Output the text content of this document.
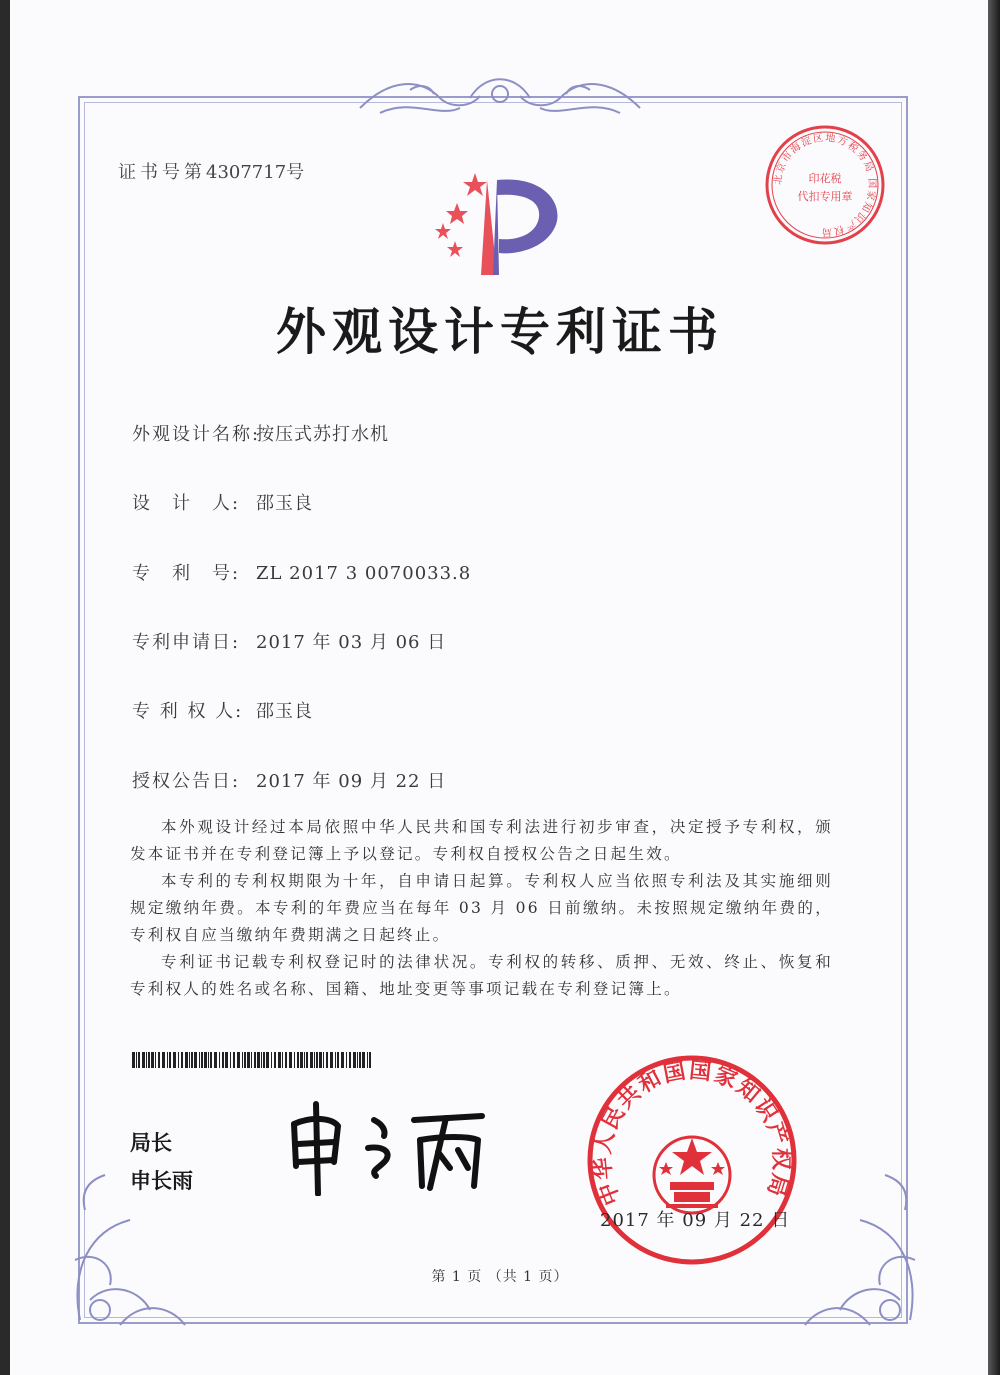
证书号第4307717号	北京市海淀区地方税务局 国家知识产权局
印花税
代扣专用章
外观设计专利证书
外观设计名称:按压式苏打水机
设　计　人: 邵玉良
专　利　号: ZL 2017 3 0070033.8
专利申请日: 2017 年 03 月 06 日
专 利 权 人: 邵玉良
授权公告日: 2017 年 09 月 22 日

本外观设计经过本局依照中华人民共和国专利法进行初步审查，决定授予专利权，颁发本证书并在专利登记簿上予以登记。专利权自授权公告之日起生效。

本专利的专利权期限为十年，自申请日起算。专利权人应当依照专利法及其实施细则规定缴纳年费。本专利的年费应当在每年 03 月 06 日前缴纳。未按照规定缴纳年费的，专利权自应当缴纳年费期满之日起终止。

专利证书记载专利权登记时的法律状况。专利权的转移、质押、无效、终止、恢复和专利权人的姓名或名称、国籍、地址变更等事项记载在专利登记簿上。

局长
申长雨	中华人民共和国国家知识产权局
2017 年 09 月 22 日
第 1 页 （共 1 页）
